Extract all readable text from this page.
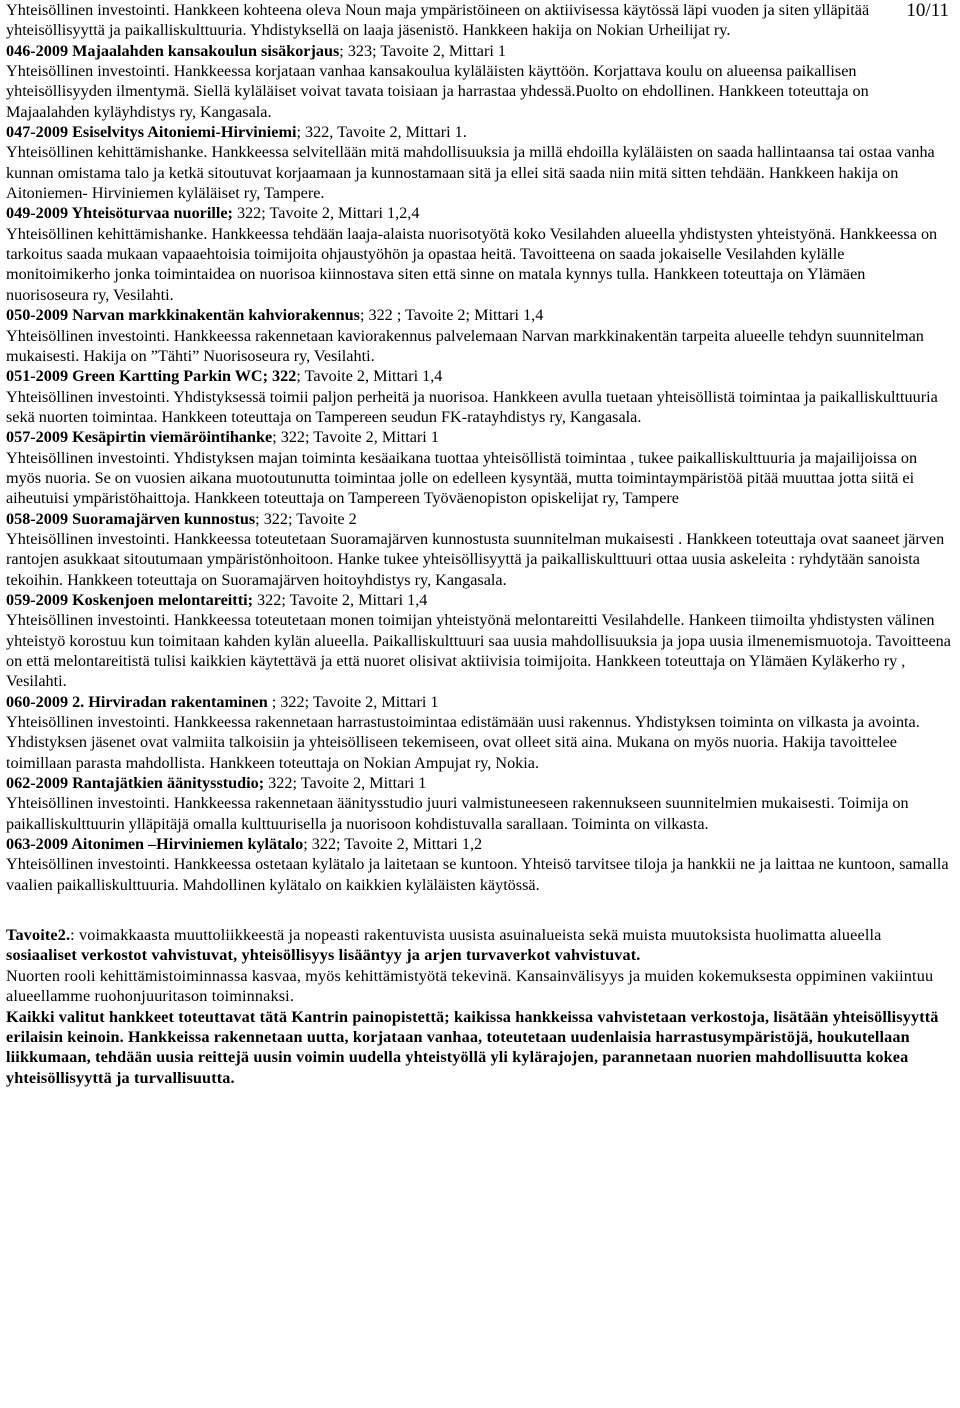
10/11

Yhteisöllinen investointi. Hankkeen kohteena oleva Noun maja ympäristöineen on aktiivisessa käytössä läpi vuoden ja siten ylläpitää yhteisöllisyyttä ja paikalliskulttuuria. Yhdistyksellä on laaja jäsenistö. Hankkeen hakija on Nokian Urheilijat ry.

046-2009 Majaalahden kansakoulun sisäkorjaus; 323; Tavoite 2, Mittari 1

Yhteisöllinen investointi. Hankkeessa korjataan vanhaa kansakoulua kyläläisten käyttöön. Korjattava koulu on alueensa paikallisen yhteisöllisyyden ilmentymä. Siellä kyläläiset voivat tavata toisiaan ja harrastaa yhdessä.Puolto on ehdollinen. Hankkeen toteuttaja on Majaalahden kyläyhdistys ry, Kangasala.

047-2009 Esiselvitys Aitoniemi-Hirviniemi; 322, Tavoite 2, Mittari 1.

Yhteisöllinen kehittämishanke. Hankkeessa selvitellään mitä mahdollisuuksia ja millä ehdoilla kyläläisten on saada hallintaansa tai ostaa vanha kunnan omistama talo ja ketkä sitoutuvat korjaamaan ja kunnostamaan sitä ja ellei sitä saada niin mitä sitten tehdään. Hankkeen hakija on Aitoniemen- Hirviniemen kyläläiset ry, Tampere.

049-2009 Yhteisöturvaa nuorille; 322; Tavoite 2, Mittari 1,2,4

Yhteisöllinen kehittämishanke. Hankkeessa tehdään laaja-alaista nuorisotyötä koko Vesilahden alueella yhdistysten yhteistyönä. Hankkeessa on tarkoitus saada mukaan vapaaehtoisia toimijoita ohjaustyöhön ja opastaa heitä. Tavoitteena on saada jokaiselle Vesilahden kylälle monitoimikerho jonka toimintaideа on nuorisoa kiinnostava siten että sinne on matala kynnys tulla. Hankkeen toteuttaja on Ylämäen nuorisoseura ry, Vesilahti.

050-2009 Narvan markkinakentän kahviorakennus; 322 ; Tavoite 2; Mittari 1,4

Yhteisöllinen investointi. Hankkeessa rakennetaan kaviorakennus palvelemaan Narvan markkinakentän tarpeita alueelle tehdyn suunnitelman mukaisesti. Hakija on ”Tähti” Nuorisoseura ry, Vesilahti.

051-2009 Green Kartting Parkin WC; 322; Tavoite 2, Mittari 1,4

Yhteisöllinen investointi. Yhdistyksessä toimii paljon perheitä ja nuorisoa. Hankkeen avulla tuetaan yhteisöllistä toimintaa ja paikalliskulttuuria sekä nuorten toimintaa. Hankkeen toteuttaja on Tampereen seudun FK-ratayhdistys ry, Kangasala.

057-2009 Kesäpirtin viemäröintihanke; 322; Tavoite 2, Mittari 1

Yhteisöllinen investointi. Yhdistyksen majan toiminta kesäaikana tuottaa yhteisöllistä toimintaa , tukee paikalliskulttuuria ja majailijoissa on myös nuoria. Se on vuosien aikana muotoutunutta toimintaa jolle on edelleen kysyntää, mutta toimintaympäristöä pitää muuttaa jotta siitä ei aiheutuisi ympäristöhaittoja. Hankkeen toteuttaja on Tampereen Työväenopiston opiskelijat ry, Tampere

058-2009 Suoramajärven kunnostus; 322; Tavoite 2

Yhteisöllinen investointi. Hankkeessa toteutetaan Suoramajärven kunnostusta suunnitelman mukaisesti . Hankkeen toteuttaja ovat saaneet järven rantojen asukkaat sitoutumaan ympäristönhoitoon. Hanke tukee yhteisöllisyyttä ja paikalliskulttuuri ottaa uusia askeleita : ryhdytään sanoista tekoihin. Hankkeen toteuttaja on Suoramajärven hoitoyhdistys ry, Kangasala.

059-2009 Koskenjoen melontareitti; 322; Tavoite 2, Mittari 1,4

Yhteisöllinen investointi. Hankkeessa toteutetaan monen toimijan yhteistyönä melontareitti Vesilahdelle. Hankeen tiimoilta yhdistysten välinen yhteistyö korostuu kun toimitaan kahden kylän alueella. Paikalliskulttuuri saa uusia mahdollisuuksia ja jopa uusia ilmenemismuotoja. Tavoitteena on että melontareitistä tulisi kaikkien käytettävä ja että nuoret olisivat aktiivisia toimijoita. Hankkeen toteuttaja on Ylämäen Kyläkerho ry , Vesilahti.

060-2009 2. Hirviradan rakentaminen ; 322; Tavoite 2, Mittari 1

Yhteisöllinen investointi. Hankkeessa rakennetaan harrastustoimintaa edistämään uusi rakennus. Yhdistyksen toiminta on vilkasta ja avointa. Yhdistyksen jäsenet ovat valmiita talkoisiin ja yhteisölliseen tekemiseen, ovat olleet sitä aina. Mukana on myös nuoria. Hakija tavoittelee toimillaan parasta mahdollista. Hankkeen toteuttaja on Nokian Ampujat ry, Nokia.

062-2009 Rantajätkien äänitysstudio; 322; Tavoite 2, Mittari 1

Yhteisöllinen investointi. Hankkeessa rakennetaan äänitysstudio juuri valmistuneeseen rakennukseen suunnitelmien mukaisesti. Toimija on paikalliskulttuurin ylläpitäjä omalla kulttuurisella ja nuorisoon kohdistuvalla sarallaan. Toiminta on vilkasta.

063-2009 Aitonimen –Hirviniemen kylätalo; 322; Tavoite 2, Mittari 1,2

Yhteisöllinen investointi. Hankkeessa ostetaan kylätalo ja laitetaan se kuntoon. Yhteisö tarvitsee tiloja ja hankkii ne ja laittaa ne kuntoon, samalla vaalien paikalliskulttuuria. Mahdollinen kylätalo on kaikkien kyläläisten käytössä.

Tavoite2.: voimakkaasta muuttoliikkeestä ja nopeasti rakentuvista uusista asuinalueista sekä muista muutoksista huolimatta alueella sosiaaliset verkostot vahvistuvat, yhteisöllisyys lisääntyy ja arjen turvaverkot vahvistuvat.

Nuorten rooli kehittämistoiminnassa kasvaa, myös kehittämistyötä tekevinä. Kansainvälisyys ja muiden kokemuksesta oppiminen vakiintuu alueellamme ruohonjuuritason toiminnaksi.

Kaikki valitut hankkeet toteuttavat tätä Kantrin painopistettä; kaikissa hankkeissa vahvistetaan verkostoja, lisätään yhteisöllisyyttä erilaisin keinoin. Hankkeissa rakennetaan uutta, korjataan vanhaa, toteutetaan uudenlaisia harrastusympäristöjä, houkutellaan liikkumaan, tehdään uusia reittejä uusin voimin uudella yhteistyöllä yli kylärajojen, parannetaan nuorien mahdollisuutta kokea yhteisöllisyyttä ja turvallisuutta.
